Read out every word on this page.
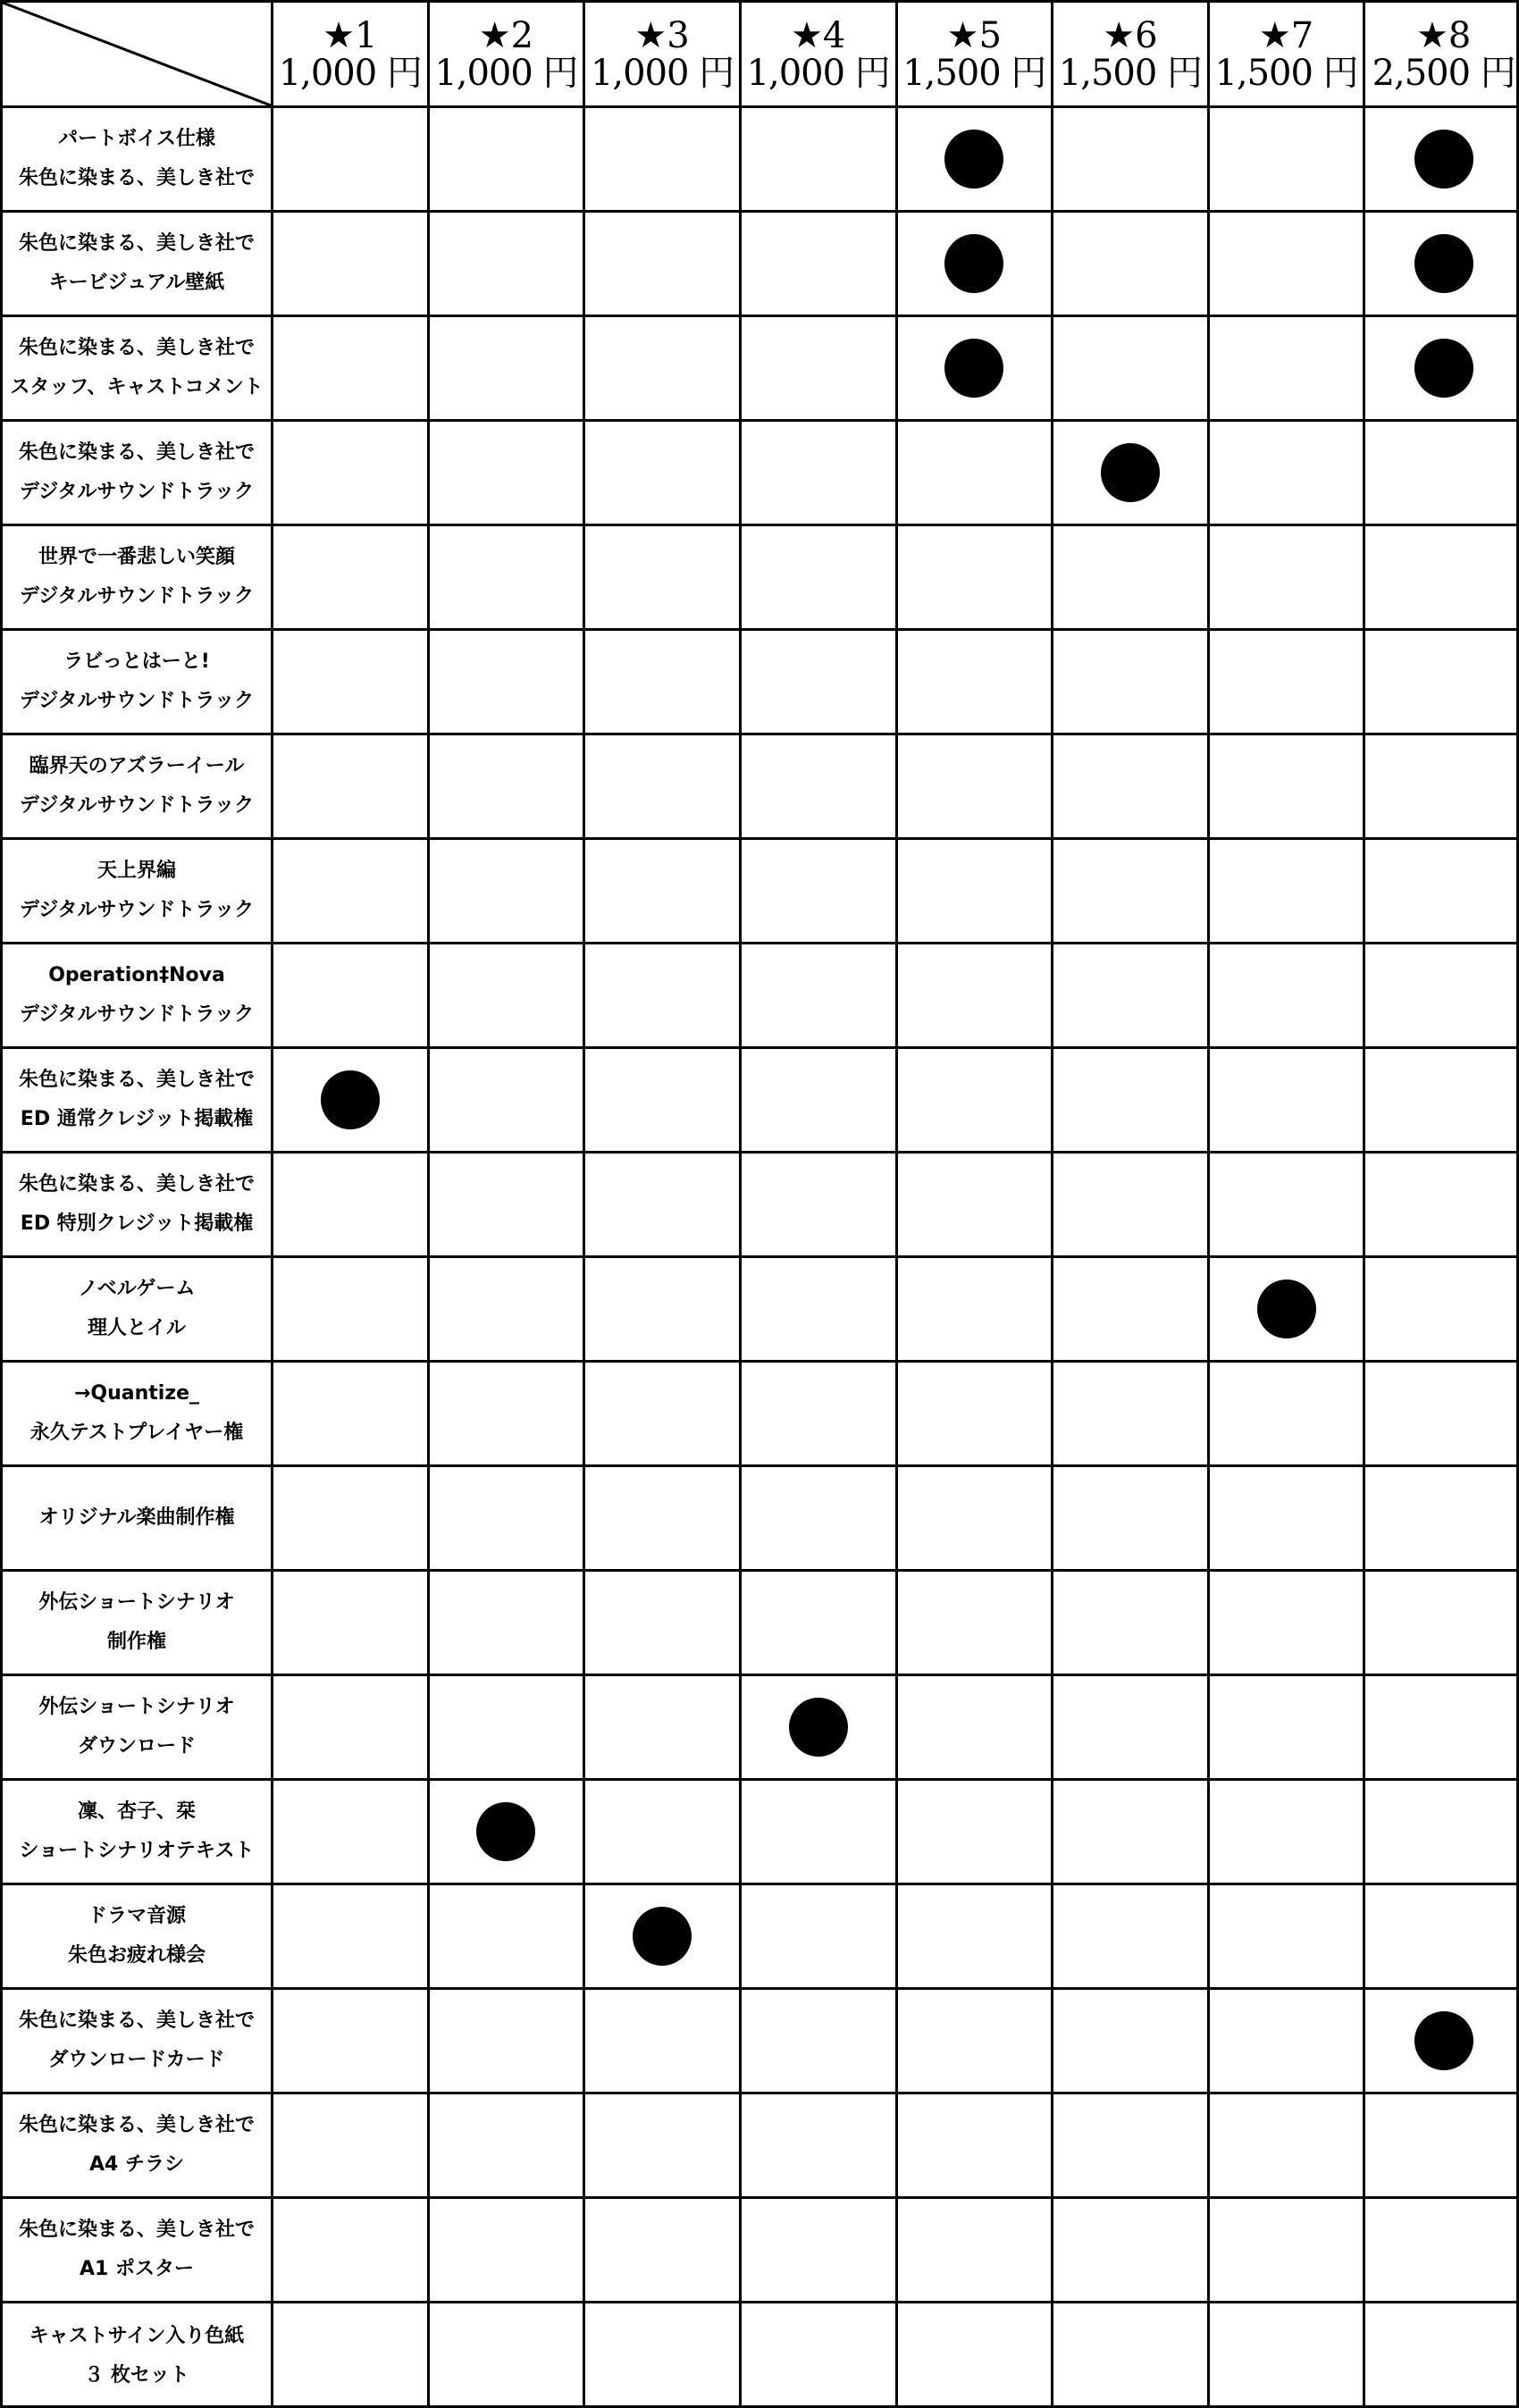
★1
1,000 円
★2
1,000 円
★3
1,000 円
★4
1,000 円
★5
1,500 円
★6
1,500 円
★7
1,500 円
★8
2,500 円
パートボイス仕様
朱色に染まる、美しき社で
朱色に染まる、美しき社で
キービジュアル壁紙
朱色に染まる、美しき社で
スタッフ、キャストコメント
朱色に染まる、美しき社で
デジタルサウンドトラック
世界で一番悲しい笑顔
デジタルサウンドトラック
ラビっとはーと!
デジタルサウンドトラック
臨界天のアズラーイール
デジタルサウンドトラック
天上界編
デジタルサウンドトラック
Operation‡Nova
デジタルサウンドトラック
朱色に染まる、美しき社で
ED 通常クレジット掲載権
朱色に染まる、美しき社で
ED 特別クレジット掲載権
ノベルゲーム
理人とイル
→Quantize_
永久テストプレイヤー権
オリジナル楽曲制作権
外伝ショートシナリオ
制作権
外伝ショートシナリオ
ダウンロード
凜、杏子、栞
ショートシナリオテキスト
ドラマ音源
朱色お疲れ様会
朱色に染まる、美しき社で
ダウンロードカード
朱色に染まる、美しき社で
A4 チラシ
朱色に染まる、美しき社で
A1 ポスター
キャストサイン入り色紙
３ 枚セット
